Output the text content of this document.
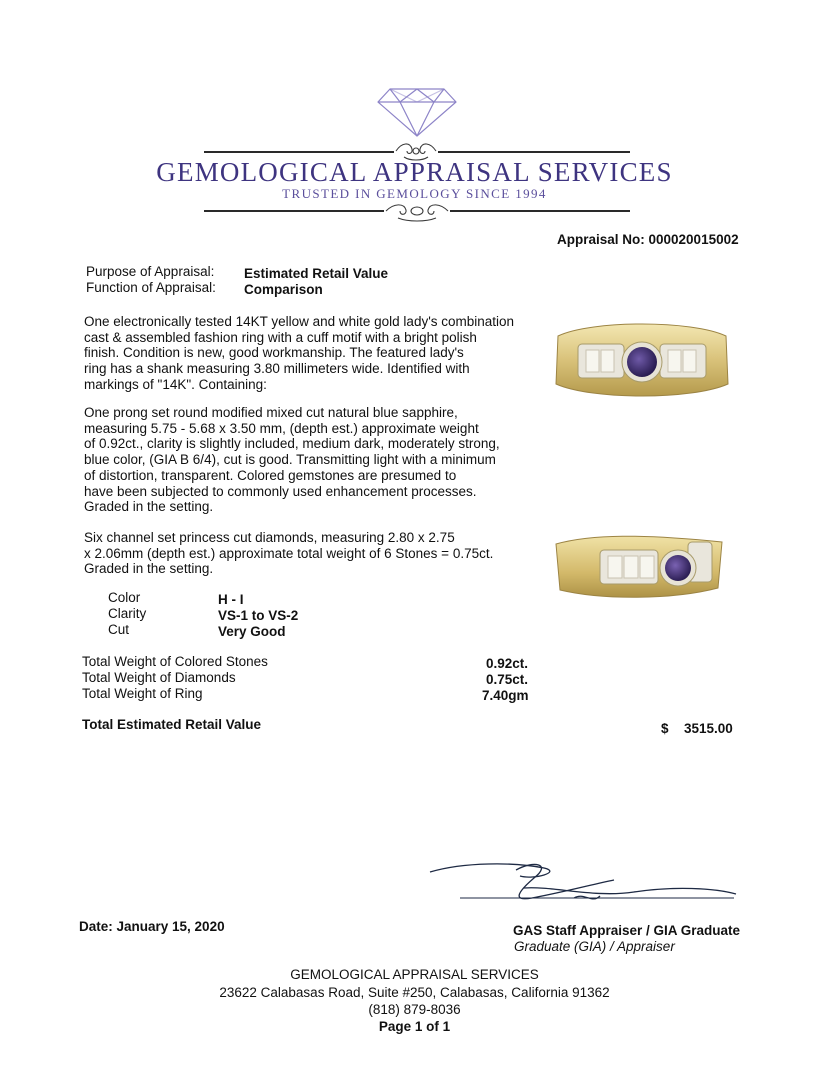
GEMOLOGICAL APPRAISAL SERVICES
TRUSTED IN GEMOLOGY SINCE 1994
Appraisal No: 000020015002
Purpose of Appraisal: Estimated Retail Value
Function of Appraisal: Comparison
One electronically tested 14KT yellow and white gold lady's combination
cast & assembled fashion ring with a cuff motif with a bright polish
finish. Condition is new, good workmanship. The featured lady's
ring has a shank measuring 3.80 millimeters wide. Identified with
markings of "14K". Containing:
One prong set round modified mixed cut natural blue sapphire,
measuring 5.75 - 5.68 x 3.50 mm, (depth est.) approximate weight
of 0.92ct., clarity is slightly included, medium dark, moderately strong,
blue color, (GIA B 6/4), cut is good. Transmitting light with a minimum
of distortion, transparent. Colored gemstones are presumed to
have been subjected to commonly used enhancement processes.
Graded in the setting.
Six channel set princess cut diamonds, measuring 2.80 x 2.75
x 2.06mm (depth est.) approximate total weight of 6 Stones = 0.75ct.
Graded in the setting.
Color	H - I
Clarity	VS-1 to VS-2
Cut	Very Good
Total Weight of Colored Stones	0.92ct.
Total Weight of Diamonds	0.75ct.
Total Weight of Ring	7.40gm
Total Estimated Retail Value	$ 3515.00
GAS Staff Appraiser / GIA Graduate
Graduate (GIA) / Appraiser
Date: January 15, 2020
GEMOLOGICAL APPRAISAL SERVICES
23622 Calabasas Road, Suite #250, Calabasas, California 91362
(818) 879-8036
Page 1 of 1
